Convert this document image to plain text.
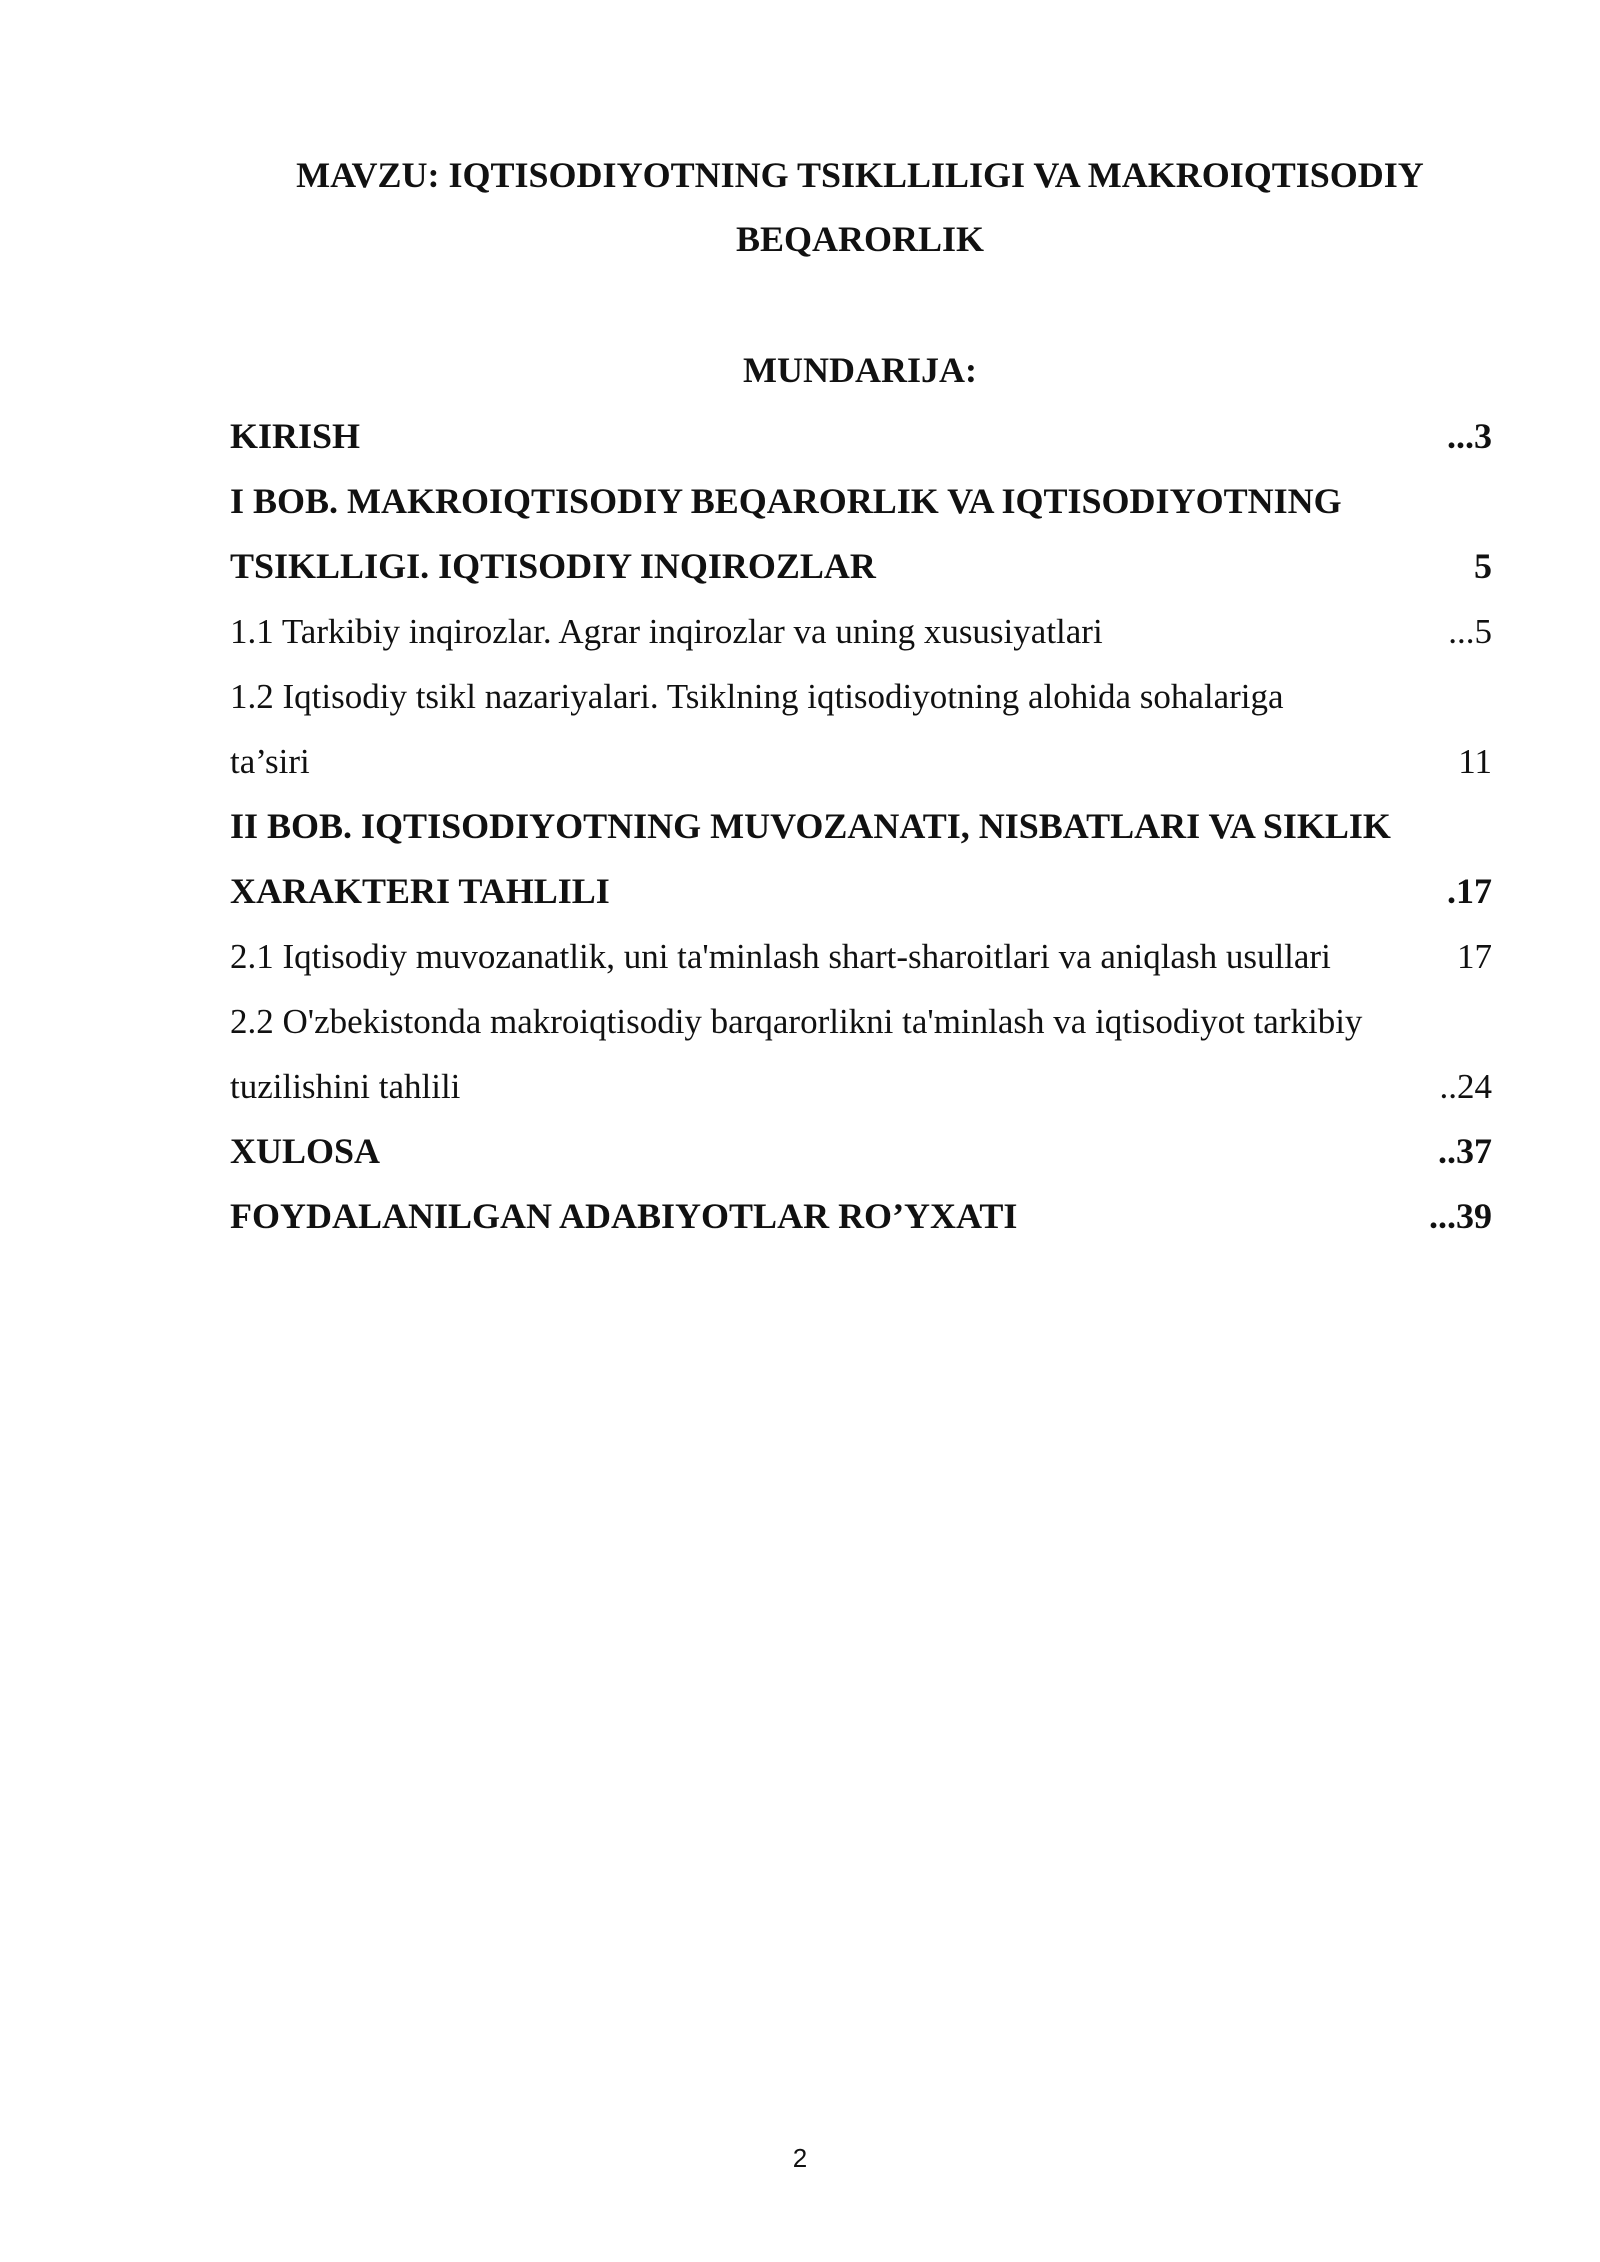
MAVZU: IQTISODIYOTNING TSIKLLILIGI VA MAKROIQTISODIY
BEQARORLIK
MUNDARIJA:
KIRISH	...3
I BOB. MAKROIQTISODIY BEQARORLIK VA IQTISODIYOTNING
TSIKLLIGI. IQTISODIY INQIROZLAR	5
1.1 Tarkibiy inqirozlar. Agrar inqirozlar va uning xususiyatlari	...5
1.2 Iqtisodiy tsikl nazariyalari. Tsiklning iqtisodiyotning alohida sohalariga
ta’siri	11
II BOB. IQTISODIYOTNING MUVOZANATI, NISBATLARI VA SIKLIK
XARAKTERI TAHLILI	.17
2.1 Iqtisodiy muvozanatlik, uni ta'minlash shart-sharoitlari va aniqlash usullari	17
2.2 O'zbekistonda makroiqtisodiy barqarorlikni ta'minlash va iqtisodiyot tarkibiy
tuzilishini tahlili	..24
XULOSA	..37
FOYDALANILGAN ADABIYOTLAR RO’YXATI	...39
2
